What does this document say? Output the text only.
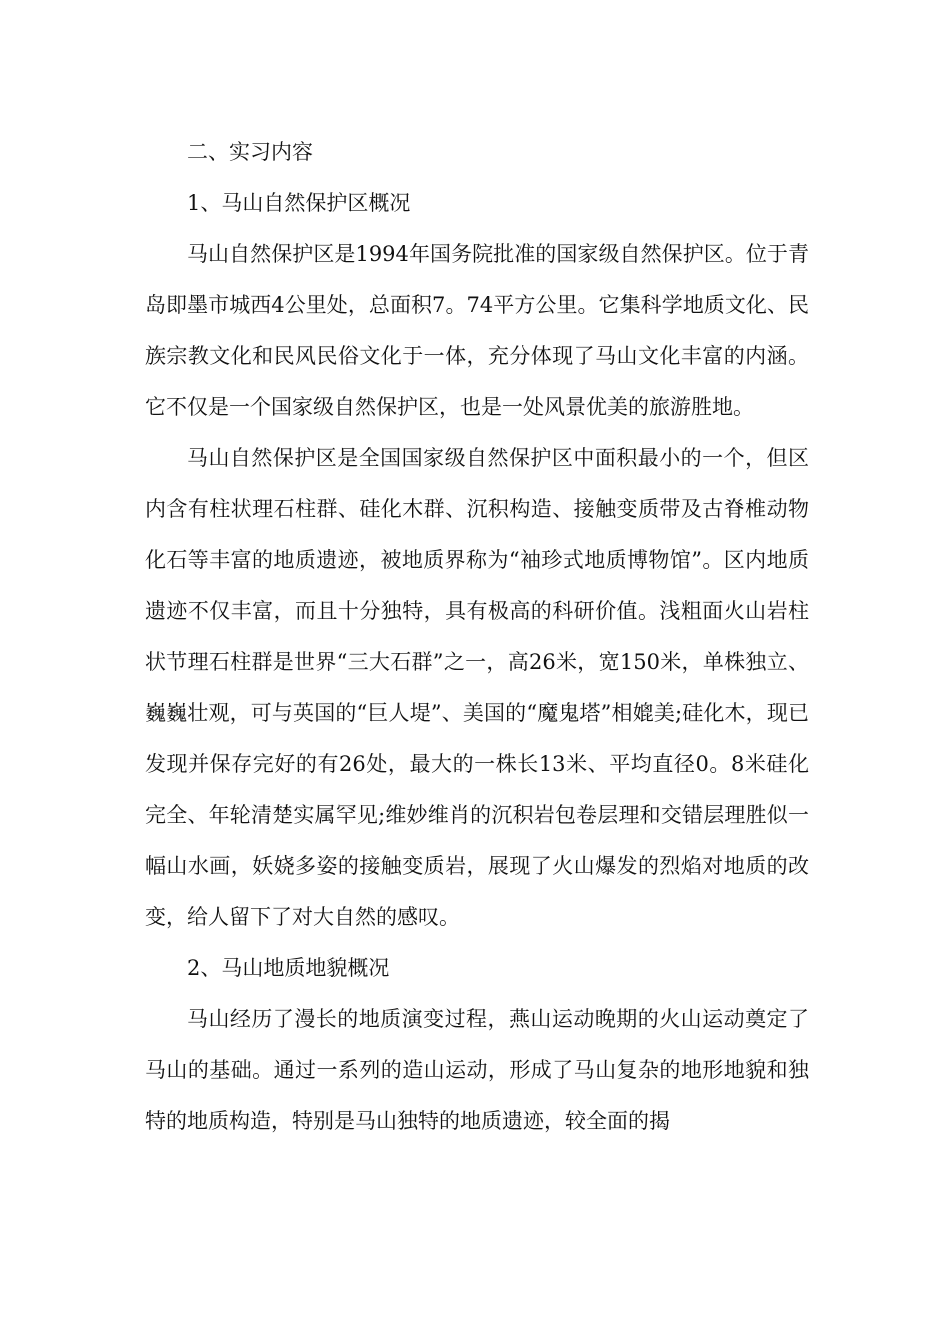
二、实习内容
1、马山自然保护区概况

马山自然保护区是1994年国务院批准的国家级自然保护区。位于青岛即墨市城西4公里处，总面积7。74平方公里。它集科学地质文化、民族宗教文化和民风民俗文化于一体，充分体现了马山文化丰富的内涵。它不仅是一个国家级自然保护区，也是一处风景优美的旅游胜地。

马山自然保护区是全国国家级自然保护区中面积最小的一个，但区内含有柱状理石柱群、硅化木群、沉积构造、接触变质带及古脊椎动物化石等丰富的地质遗迹，被地质界称为“袖珍式地质博物馆”。区内地质遗迹不仅丰富，而且十分独特，具有极高的科研价值。浅粗面火山岩柱状节理石柱群是世界“三大石群”之一，高26米，宽150米，单株独立、巍巍壮观，可与英国的“巨人堤”、美国的“魔鬼塔”相媲美;硅化木，现已发现并保存完好的有26处，最大的一株长13米、平均直径0。8米硅化完全、年轮清楚实属罕见;维妙维肖的沉积岩包卷层理和交错层理胜似一幅山水画，妖娆多姿的接触变质岩，展现了火山爆发的烈焰对地质的改变，给人留下了对大自然的感叹。

2、马山地质地貌概况

马山经历了漫长的地质演变过程，燕山运动晚期的火山运动奠定了马山的基础。通过一系列的造山运动，形成了马山复杂的地形地貌和独特的地质构造，特别是马山独特的地质遗迹，较全面的揭
